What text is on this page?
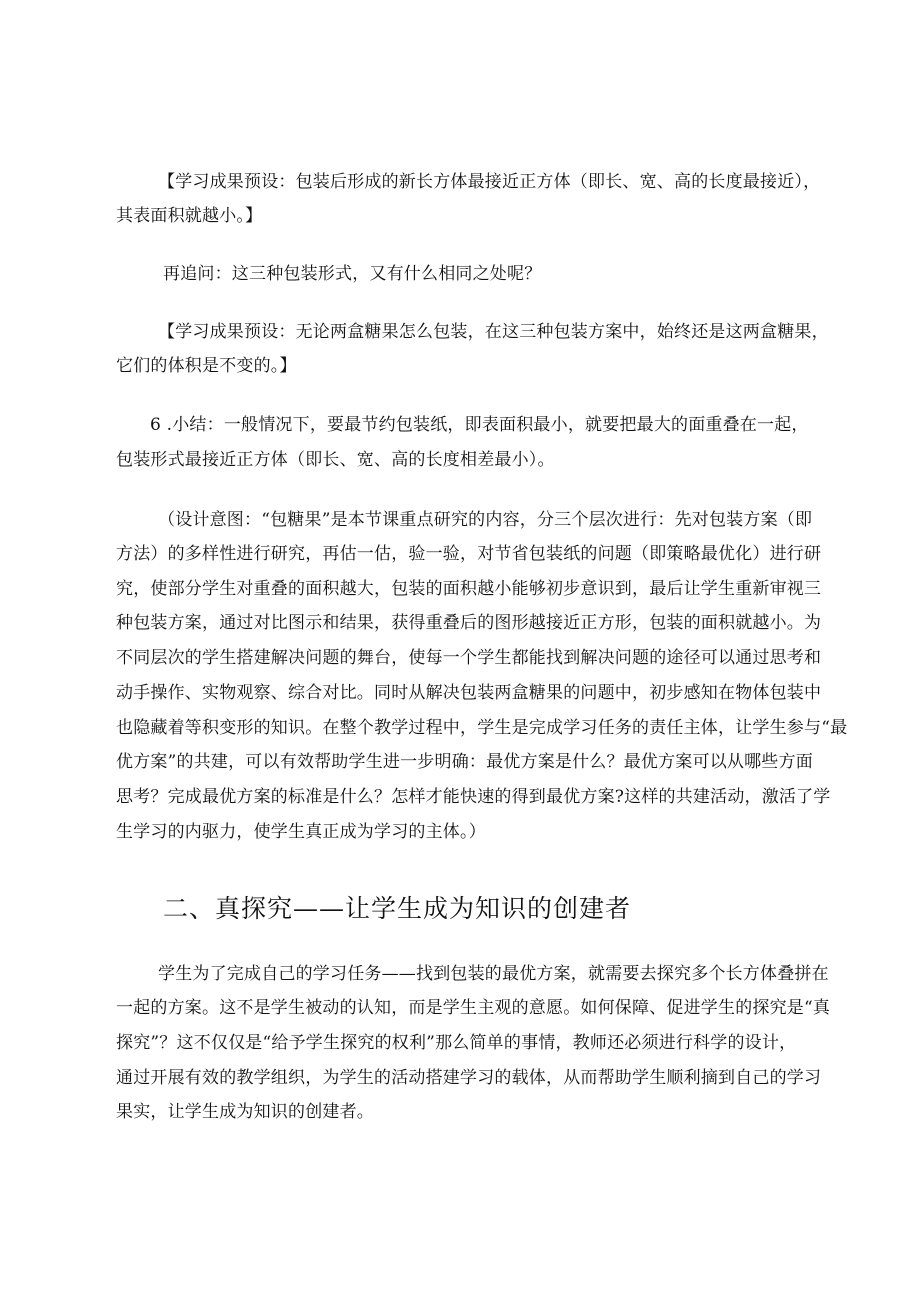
【学习成果预设：包装后形成的新长方体最接近正方体（即长、宽、高的长度最接近），
其表面积就越小。】
再追问：这三种包装形式，又有什么相同之处呢？
【学习成果预设：无论两盒糖果怎么包装，在这三种包装方案中，始终还是这两盒糖果，
它们的体积是不变的。】
6 .小结：一般情况下，要最节约包装纸，即表面积最小，就要把最大的面重叠在一起，
包装形式最接近正方体（即长、宽、高的长度相差最小）。
（设计意图：“包糖果”是本节课重点研究的内容，分三个层次进行：先对包装方案（即
方法）的多样性进行研究，再估一估，验一验，对节省包装纸的问题（即策略最优化）进行研
究，使部分学生对重叠的面积越大，包装的面积越小能够初步意识到，最后让学生重新审视三
种包装方案，通过对比图示和结果，获得重叠后的图形越接近正方形，包装的面积就越小。为
不同层次的学生搭建解决问题的舞台，使每一个学生都能找到解决问题的途径可以通过思考和
动手操作、实物观察、综合对比。同时从解决包装两盒糖果的问题中，初步感知在物体包装中
也隐藏着等积变形的知识。在整个教学过程中，学生是完成学习任务的责任主体，让学生参与“最
优方案”的共建，可以有效帮助学生进一步明确：最优方案是什么？最优方案可以从哪些方面
思考？完成最优方案的标准是什么？怎样才能快速的得到最优方案?这样的共建活动，激活了学
生学习的内驱力，使学生真正成为学习的主体。）
二、真探究——让学生成为知识的创建者
学生为了完成自己的学习任务——找到包装的最优方案，就需要去探究多个长方体叠拼在
一起的方案。这不是学生被动的认知，而是学生主观的意愿。如何保障、促进学生的探究是“真
探究”？这不仅仅是“给予学生探究的权利”那么简单的事情，教师还必须进行科学的设计，
通过开展有效的教学组织，为学生的活动搭建学习的载体，从而帮助学生顺利摘到自己的学习
果实，让学生成为知识的创建者。
